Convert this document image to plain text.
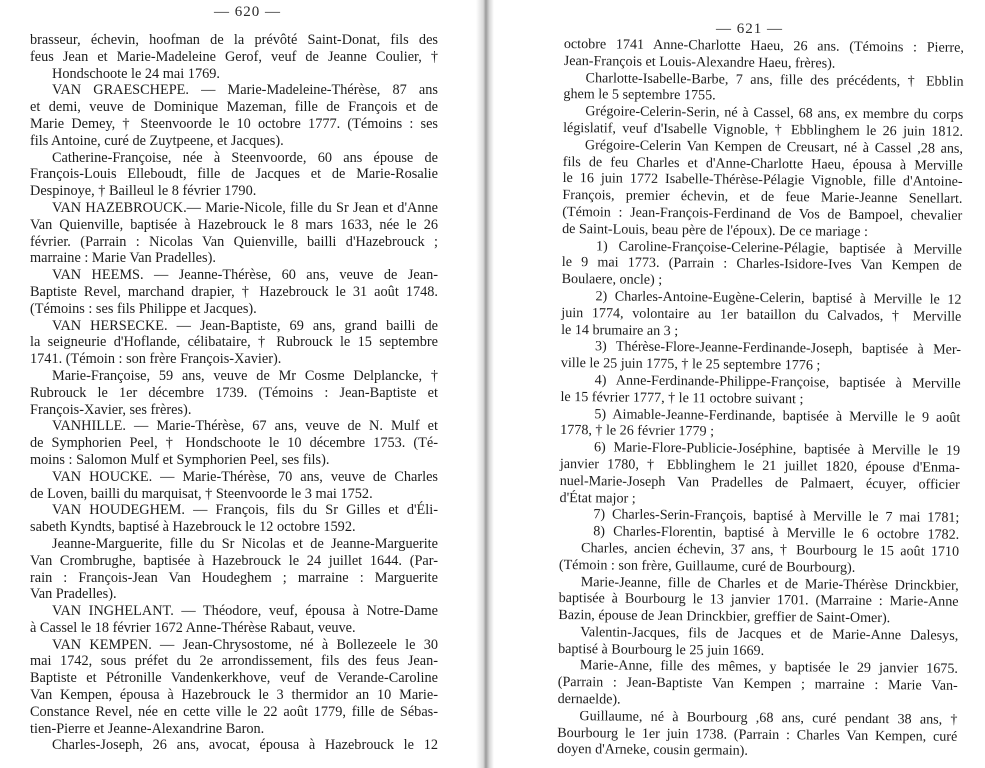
— 620 —
brasseur, échevin, hoofman de la prévôté Saint-Donat, fils des
feus Jean et Marie-Madeleine Gerof, veuf de Jeanne Coulier, †
Hondschoote le 24 mai 1769.
VAN GRAESCHEPE. — Marie-Madeleine-Thérèse, 87 ans
et demi, veuve de Dominique Mazeman, fille de François et de
Marie Demey, † Steenvoorde le 10 octobre 1777. (Témoins : ses
fils Antoine, curé de Zuytpeene, et Jacques).
Catherine-Françoise, née à Steenvoorde, 60 ans épouse de
François-Louis Elleboudt, fille de Jacques et de Marie-Rosalie
Despinoye, † Bailleul le 8 février 1790.
VAN HAZEBROUCK.— Marie-Nicole, fille du Sr Jean et d'Anne
Van Quienville, baptisée à Hazebrouck le 8 mars 1633, née le 26
février. (Parrain : Nicolas Van Quienville, bailli d'Hazebrouck ;
marraine : Marie Van Pradelles).
VAN HEEMS. — Jeanne-Thérèse, 60 ans, veuve de Jean-
Baptiste Revel, marchand drapier, † Hazebrouck le 31 août 1748.
(Témoins : ses fils Philippe et Jacques).
VAN HERSECKE. — Jean-Baptiste, 69 ans, grand bailli de
la seigneurie d'Hoflande, célibataire, † Rubrouck le 15 septembre
1741. (Témoin : son frère François-Xavier).
Marie-Françoise, 59 ans, veuve de Mr Cosme Delplancke, †
Rubrouck le 1er décembre 1739. (Témoins : Jean-Baptiste et
François-Xavier, ses frères).
VANHILLE. — Marie-Thérèse, 67 ans, veuve de N. Mulf et
de Symphorien Peel, † Hondschoote le 10 décembre 1753. (Té-
moins : Salomon Mulf et Symphorien Peel, ses fils).
VAN HOUCKE. — Marie-Thérèse, 70 ans, veuve de Charles
de Loven, bailli du marquisat, † Steenvoorde le 3 mai 1752.
VAN HOUDEGHEM. — François, fils du Sr Gilles et d'Éli-
sabeth Kyndts, baptisé à Hazebrouck le 12 octobre 1592.
Jeanne-Marguerite, fille du Sr Nicolas et de Jeanne-Marguerite
Van Crombrughe, baptisée à Hazebrouck le 24 juillet 1644. (Par-
rain : François-Jean Van Houdeghem ; marraine : Marguerite
Van Pradelles).
VAN INGHELANT. — Théodore, veuf, épousa à Notre-Dame
à Cassel le 18 février 1672 Anne-Thérèse Rabaut, veuve.
VAN KEMPEN. — Jean-Chrysostome, né à Bollezeele le 30
mai 1742, sous préfet du 2e arrondissement, fils des feus Jean-
Baptiste et Pétronille Vandenkerkhove, veuf de Verande-Caroline
Van Kempen, épousa à Hazebrouck le 3 thermidor an 10 Marie-
Constance Revel, née en cette ville le 22 août 1779, fille de Sébas-
tien-Pierre et Jeanne-Alexandrine Baron.
Charles-Joseph, 26 ans, avocat, épousa à Hazebrouck le 12
— 621 —
octobre 1741 Anne-Charlotte Haeu, 26 ans. (Témoins : Pierre,
Jean-François et Louis-Alexandre Haeu, frères).
Charlotte-Isabelle-Barbe, 7 ans, fille des précédents, † Ebblin
ghem le 5 septembre 1755.
Grégoire-Celerin-Serin, né à Cassel, 68 ans, ex membre du corps
législatif, veuf d'Isabelle Vignoble, † Ebblinghem le 26 juin 1812.
Grégoire-Celerin Van Kempen de Creusart, né à Cassel ,28 ans,
fils de feu Charles et d'Anne-Charlotte Haeu, épousa à Merville
le 16 juin 1772 Isabelle-Thérèse-Pélagie Vignoble, fille d'Antoine-
François, premier échevin, et de feue Marie-Jeanne Senellart.
(Témoin : Jean-François-Ferdinand de Vos de Bampoel, chevalier
de Saint-Louis, beau père de l'époux). De ce mariage :
1) Caroline-Françoise-Celerine-Pélagie, baptisée à Merville
le 9 mai 1773. (Parrain : Charles-Isidore-Ives Van Kempen de
Boulaere, oncle) ;
2) Charles-Antoine-Eugène-Celerin, baptisé à Merville le 12
juin 1774, volontaire au 1er bataillon du Calvados, † Merville
le 14 brumaire an 3 ;
3) Thérèse-Flore-Jeanne-Ferdinande-Joseph, baptisée à Mer-
ville le 25 juin 1775, † le 25 septembre 1776 ;
4) Anne-Ferdinande-Philippe-Françoise, baptisée à Merville
le 15 février 1777, † le 11 octobre suivant ;
5) Aimable-Jeanne-Ferdinande, baptisée à Merville le 9 août
1778, † le 26 février 1779 ;
6) Marie-Flore-Publicie-Joséphine, baptisée à Merville le 19
janvier 1780, † Ebblinghem le 21 juillet 1820, épouse d'Enma-
nuel-Marie-Joseph Van Pradelles de Palmaert, écuyer, officier
d'État major ;
7) Charles-Serin-François, baptisé à Merville le 7 mai 1781;
8) Charles-Florentin, baptisé à Merville le 6 octobre 1782.
Charles, ancien échevin, 37 ans, † Bourbourg le 15 août 1710
(Témoin : son frère, Guillaume, curé de Bourbourg).
Marie-Jeanne, fille de Charles et de Marie-Thérèse Drinckbier,
baptisée à Bourbourg le 13 janvier 1701. (Marraine : Marie-Anne
Bazin, épouse de Jean Drinckbier, greffier de Saint-Omer).
Valentin-Jacques, fils de Jacques et de Marie-Anne Dalesys,
baptisé à Bourbourg le 25 juin 1669.
Marie-Anne, fille des mêmes, y baptisée le 29 janvier 1675.
(Parrain : Jean-Baptiste Van Kempen ; marraine : Marie Van-
dernaelde).
Guillaume, né à Bourbourg ,68 ans, curé pendant 38 ans, †
Bourbourg le 1er juin 1738. (Parrain : Charles Van Kempen, curé
doyen d'Arneke, cousin germain).
